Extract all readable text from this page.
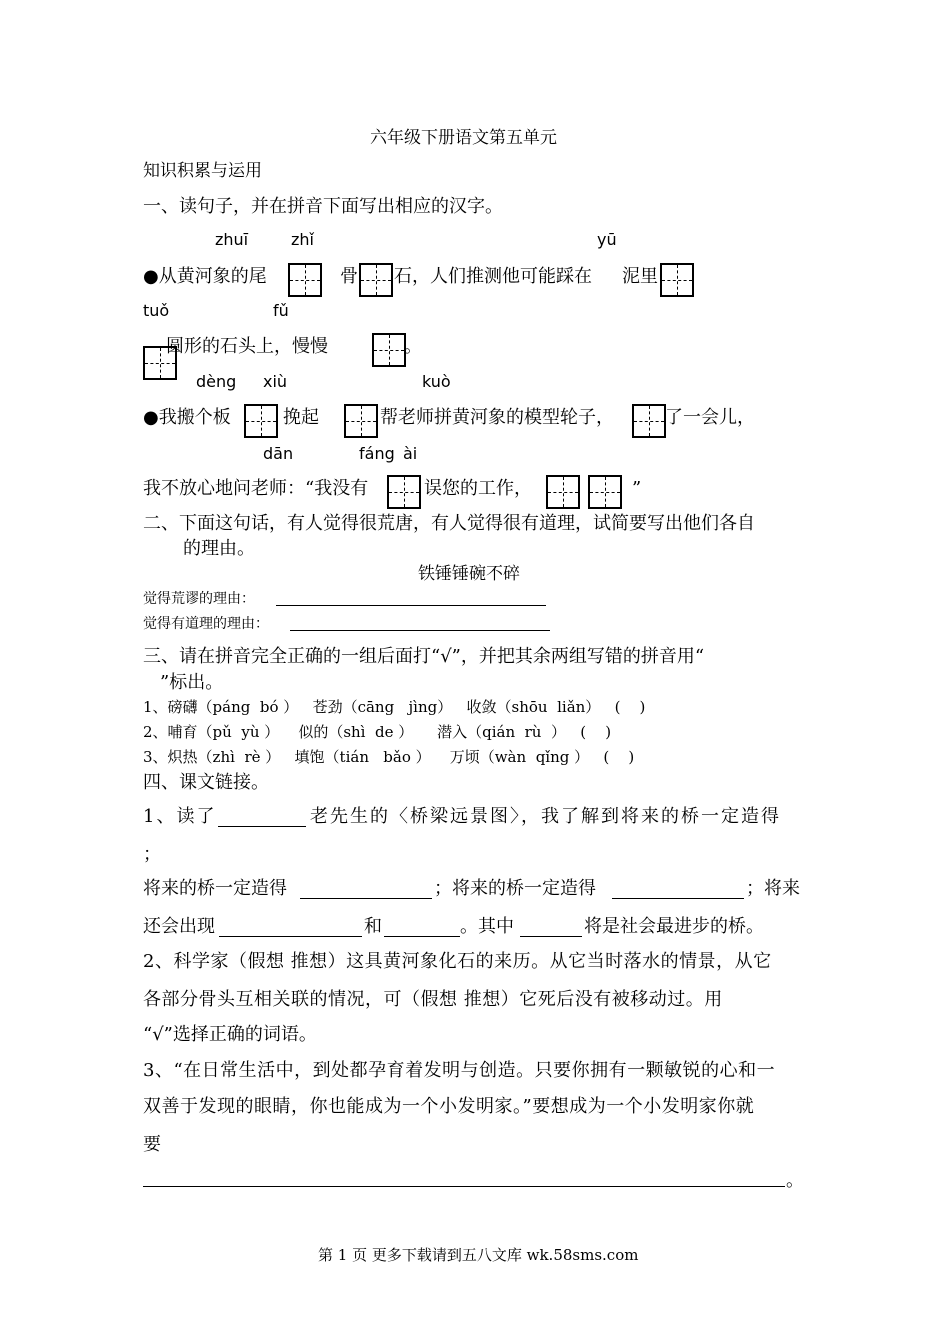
六年级下册语文第五单元
知识积累与运用
一、读句子，并在拼音下面写出相应的汉字。
zhuī	zhǐ	yū
●从黄河象的尾	骨 石，人们推测他可能踩在 泥里
tuǒ	fǔ
圆形的石头上，慢慢	。
dèng xiù	kuò
●我搬个板	挽起	帮老师拼黄河象的模型轮子，	了一会儿，
dān	fáng ài
我不放心地问老师：“我没有	误您的工作，	”
二、下面这句话，有人觉得很荒唐，有人觉得很有道理，试简要写出他们各自
的理由。
铁锤锤碗不碎
觉得荒谬的理由：
觉得有道理的理由：
三、请在拼音完全正确的一组后面打“√”，并把其余两组写错的拼音用“
”标出。
1、磅礴（páng  bó ）   苍劲（cāng   jìng）   收敛（shōu  liǎn）   (    )
2、哺育（pǔ  yù ）    似的（shì  de ）     潜入（qián  rù  ）   (    )
3、炽热（zhì  rè ）   填饱（tián   bǎo ）    万顷（wàn  qǐng ）   (    )
四、课文链接。
1、读了	老先生的〈桥梁远景图〉，我了解到将来的桥一定造得
；
将来的桥一定造得	；将来的桥一定造得	；将来
还会出现	和	。其中	将是社会最进步的桥。
2、科学家（假想 推想）这具黄河象化石的来历。从它当时落水的情景，从它
各部分骨头互相关联的情况，可（假想 推想）它死后没有被移动过。用
“√”选择正确的词语。
3、“在日常生活中，到处都孕育着发明与创造。只要你拥有一颗敏锐的心和一
双善于发现的眼睛，你也能成为一个小发明家。”要想成为一个小发明家你就
要
。
第 1 页 更多下载请到五八文库 wk.58sms.com
